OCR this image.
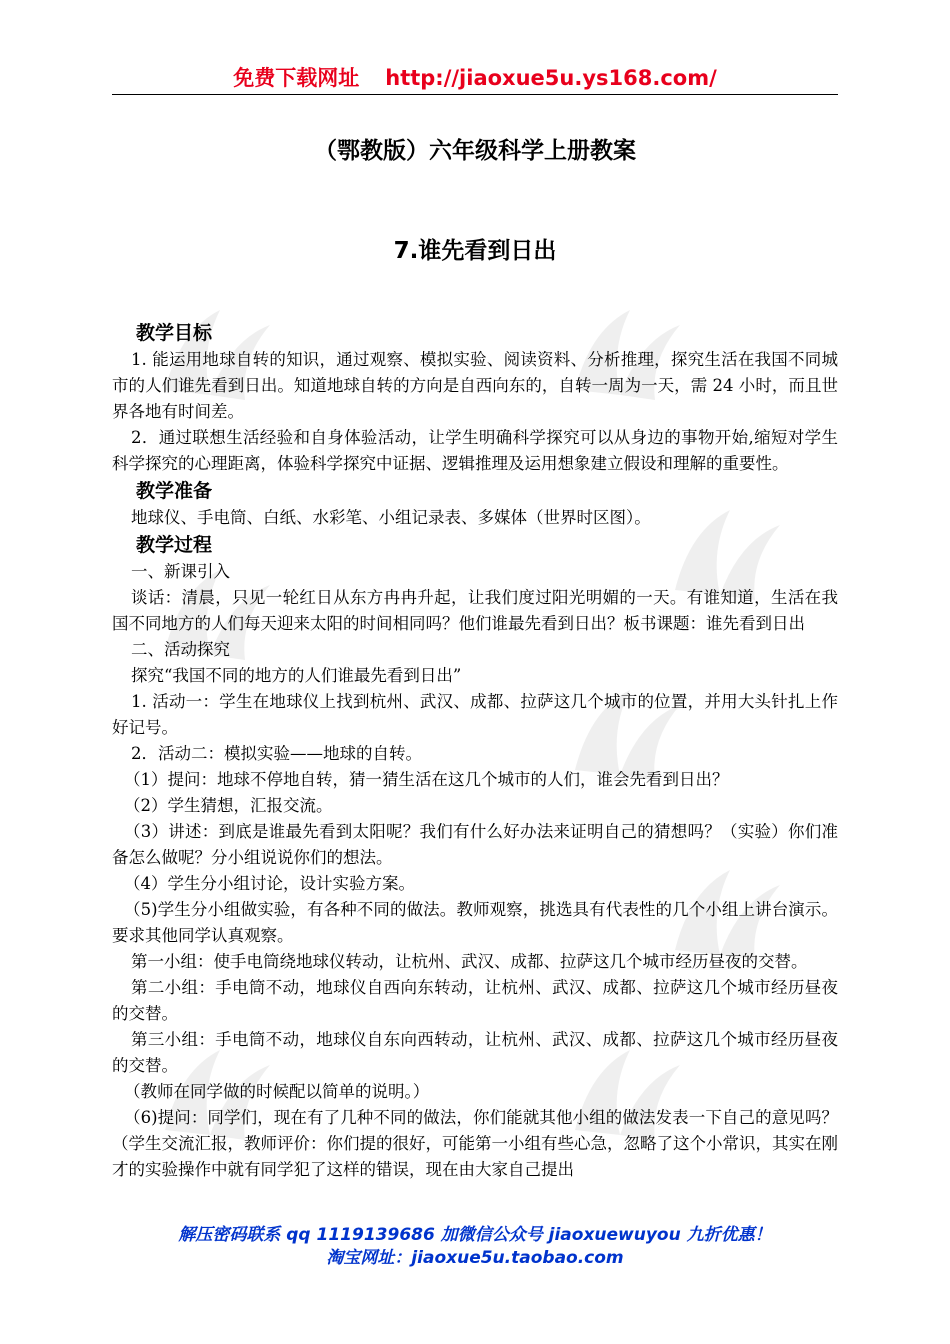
免费下载网址 http://jiaoxue5u.ys168.com/
（鄂教版）六年级科学上册教案
7.谁先看到日出
教学目标

1. 能运用地球自转的知识，通过观察、模拟实验、阅读资料、分析推理，探究生活在我国不同城市的人们谁先看到日出。知道地球自转的方向是自西向东的，自转一周为一天，需 24 小时，而且世界各地有时间差。

2．通过联想生活经验和自身体验活动，让学生明确科学探究可以从身边的事物开始,缩短对学生科学探究的心理距离，体验科学探究中证据、逻辑推理及运用想象建立假设和理解的重要性。

教学准备

地球仪、手电筒、白纸、水彩笔、小组记录表、多媒体（世界时区图）。

教学过程

一、新课引入

谈话：清晨，只见一轮红日从东方冉冉升起，让我们度过阳光明媚的一天。有谁知道，生活在我国不同地方的人们每天迎来太阳的时间相同吗？他们谁最先看到日出？板书课题：谁先看到日出

二、活动探究

探究“我国不同的地方的人们谁最先看到日出”

1. 活动一：学生在地球仪上找到杭州、武汉、成都、拉萨这几个城市的位置，并用大头针扎上作好记号。

2．活动二：模拟实验——地球的自转。

（1）提问：地球不停地自转，猜一猜生活在这几个城市的人们，谁会先看到日出？

（2）学生猜想，汇报交流。

（3）讲述：到底是谁最先看到太阳呢？我们有什么好办法来证明自己的猜想吗？（实验）你们准备怎么做呢？分小组说说你们的想法。

（4）学生分小组讨论，设计实验方案。

（5)学生分小组做实验，有各种不同的做法。教师观察，挑选具有代表性的几个小组上讲台演示。要求其他同学认真观察。

第一小组：使手电筒绕地球仪转动，让杭州、武汉、成都、拉萨这几个城市经历昼夜的交替。

第二小组：手电筒不动，地球仪自西向东转动，让杭州、武汉、成都、拉萨这几个城市经历昼夜的交替。

第三小组：手电筒不动，地球仪自东向西转动，让杭州、武汉、成都、拉萨这几个城市经历昼夜的交替。

（教师在同学做的时候配以简单的说明。）

（6)提问：同学们，现在有了几种不同的做法，你们能就其他小组的做法发表一下自己的意见吗？（学生交流汇报，教师评价：你们提的很好，可能第一小组有些心急，忽略了这个小常识，其实在刚才的实验操作中就有同学犯了这样的错误，现在由大家自己提出

解压密码联系 qq 1119139686 加微信公众号 jiaoxuewuyou 九折优惠！
淘宝网址：jiaoxue5u.taobao.com
